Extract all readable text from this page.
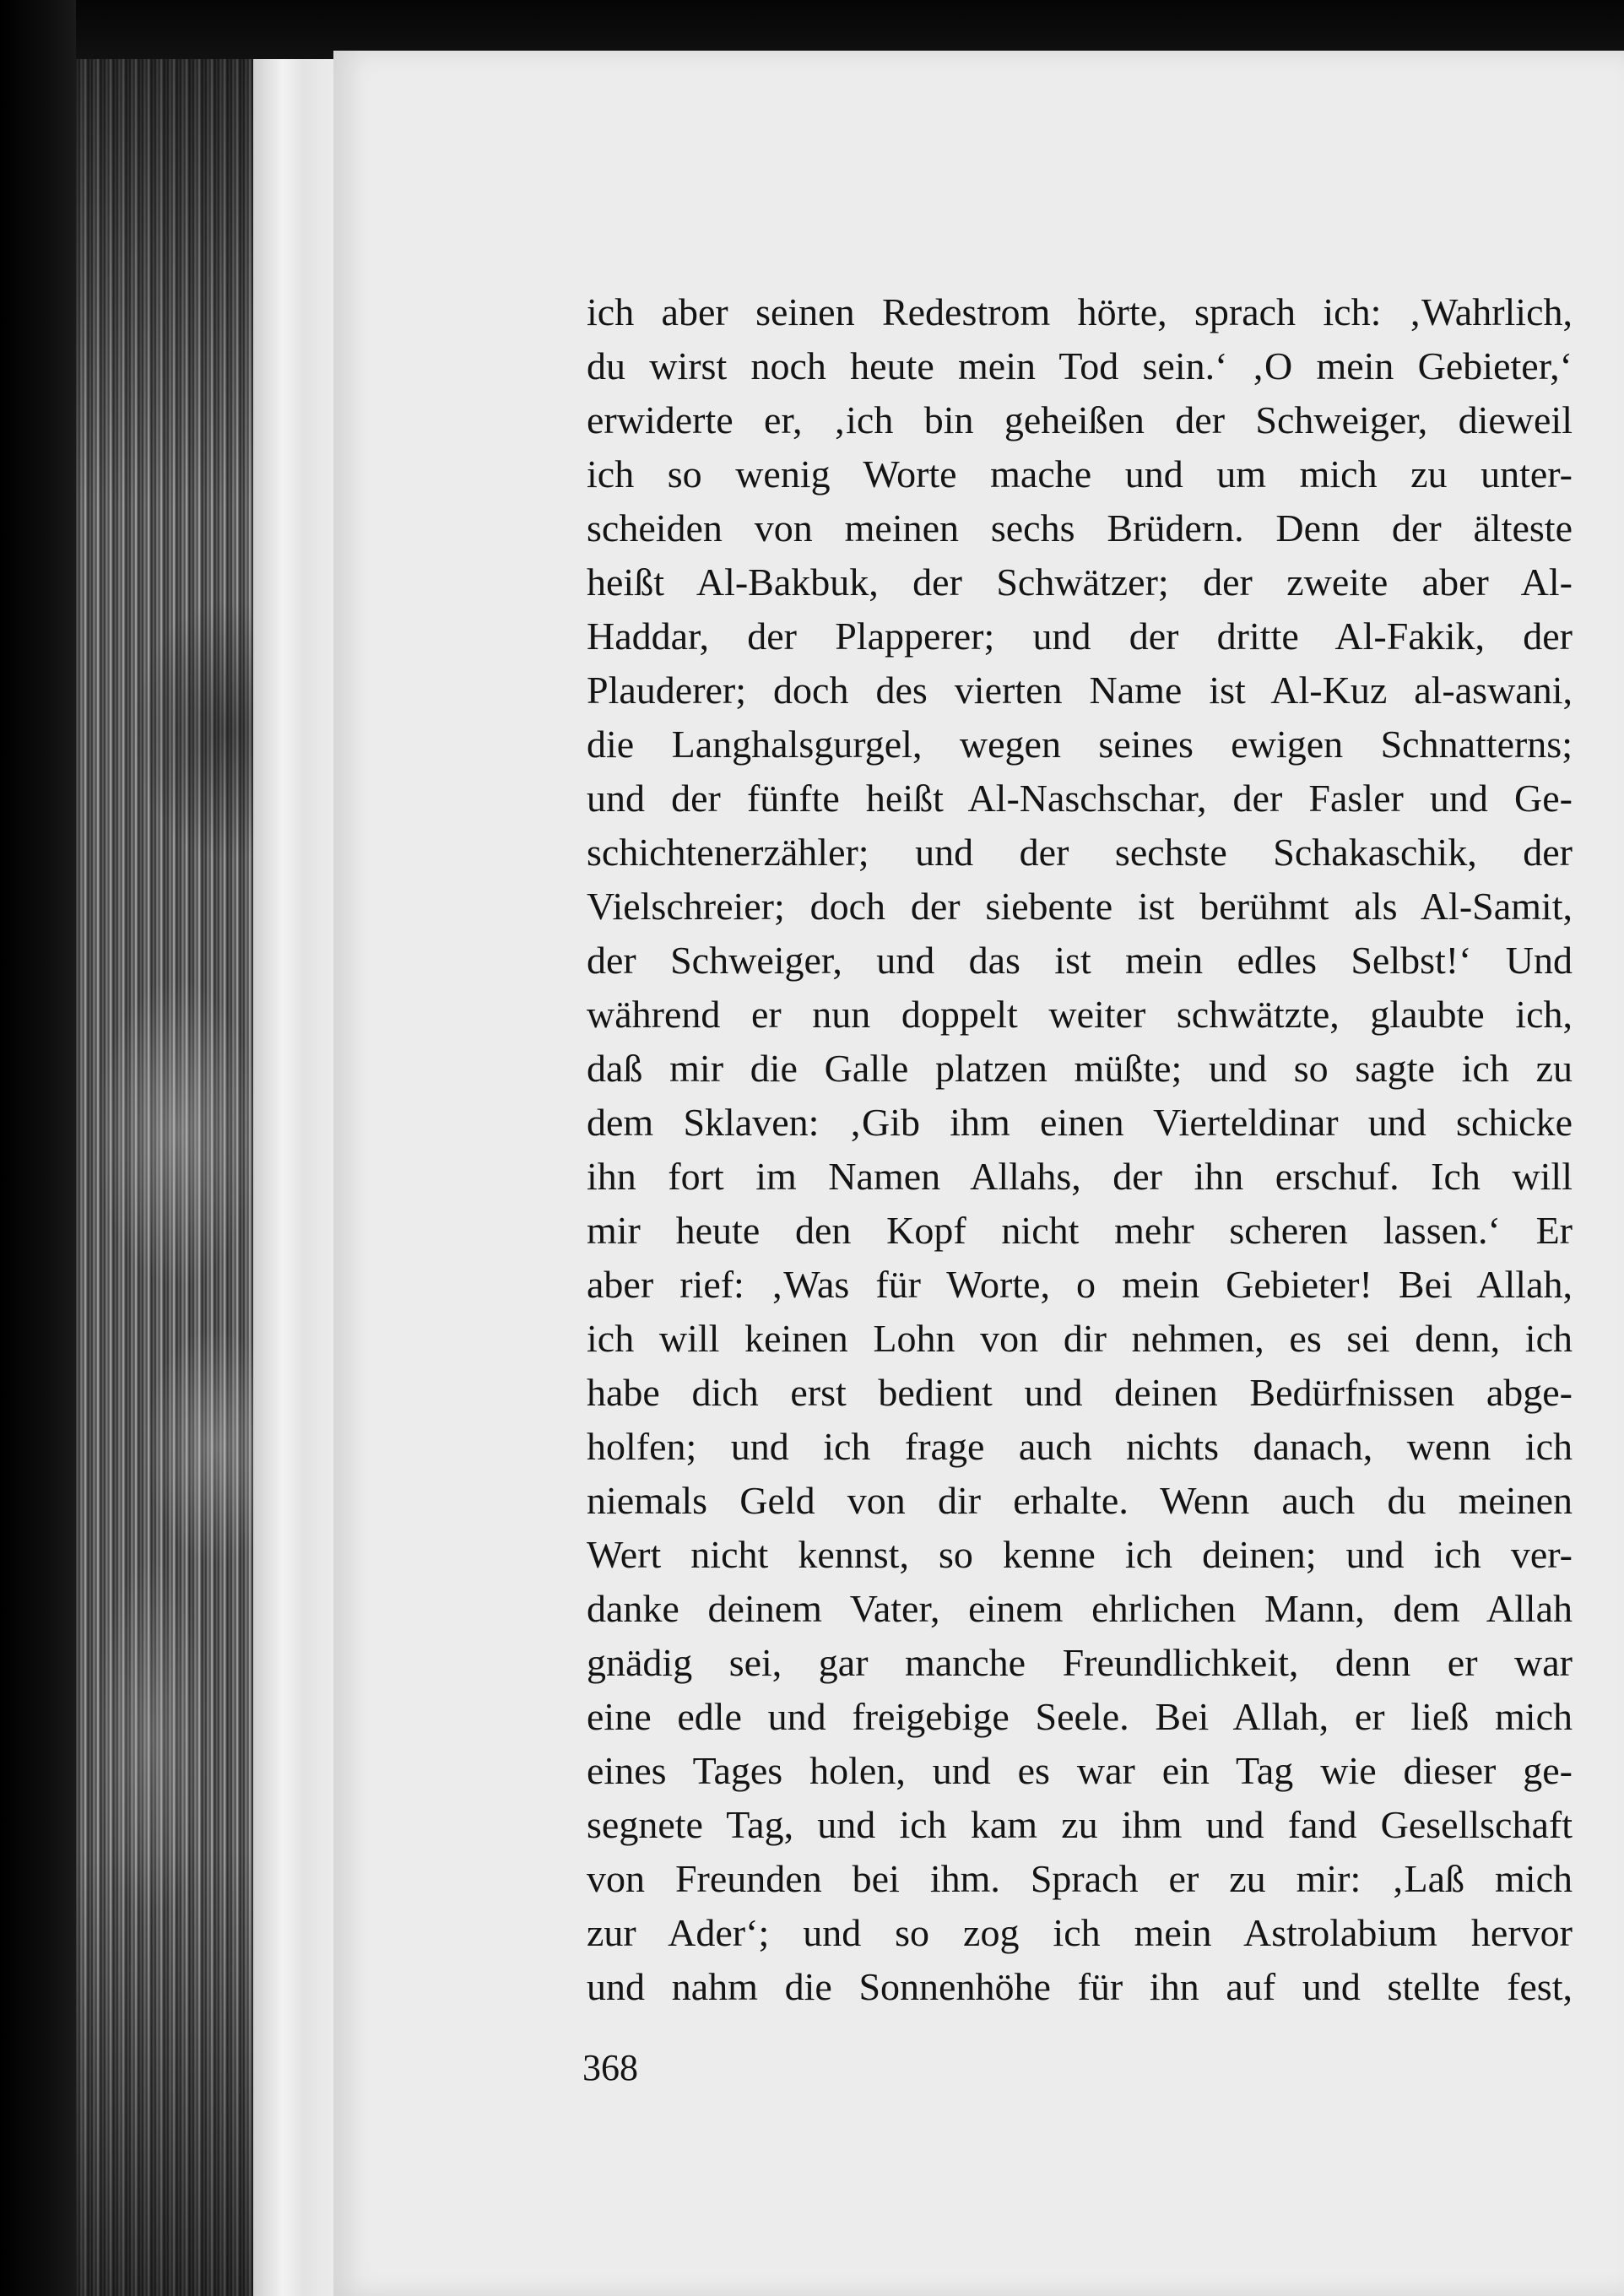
ich aber seinen Redestrom hörte, sprach ich: ‚Wahrlich,
du wirst noch heute mein Tod sein.‘ ‚O mein Gebieter,‘
erwiderte er, ‚ich bin geheißen der Schweiger, dieweil
ich so wenig Worte mache und um mich zu unter-
scheiden von meinen sechs Brüdern. Denn der älteste
heißt Al-Bakbuk, der Schwätzer; der zweite aber Al-
Haddar, der Plapperer; und der dritte Al-Fakik, der
Plauderer; doch des vierten Name ist Al-Kuz al-aswani,
die Langhalsgurgel, wegen seines ewigen Schnatterns;
und der fünfte heißt Al-Naschschar, der Fasler und Ge-
schichtenerzähler; und der sechste Schakaschik, der
Vielschreier; doch der siebente ist berühmt als Al-Samit,
der Schweiger, und das ist mein edles Selbst!‘ Und
während er nun doppelt weiter schwätzte, glaubte ich,
daß mir die Galle platzen müßte; und so sagte ich zu
dem Sklaven: ‚Gib ihm einen Vierteldinar und schicke
ihn fort im Namen Allahs, der ihn erschuf. Ich will
mir heute den Kopf nicht mehr scheren lassen.‘ Er
aber rief: ‚Was für Worte, o mein Gebieter! Bei Allah,
ich will keinen Lohn von dir nehmen, es sei denn, ich
habe dich erst bedient und deinen Bedürfnissen abge-
holfen; und ich frage auch nichts danach, wenn ich
niemals Geld von dir erhalte. Wenn auch du meinen
Wert nicht kennst, so kenne ich deinen; und ich ver-
danke deinem Vater, einem ehrlichen Mann, dem Allah
gnädig sei, gar manche Freundlichkeit, denn er war
eine edle und freigebige Seele. Bei Allah, er ließ mich
eines Tages holen, und es war ein Tag wie dieser ge-
segnete Tag, und ich kam zu ihm und fand Gesellschaft
von Freunden bei ihm. Sprach er zu mir: ‚Laß mich
zur Ader‘; und so zog ich mein Astrolabium hervor
und nahm die Sonnenhöhe für ihn auf und stellte fest,
368
